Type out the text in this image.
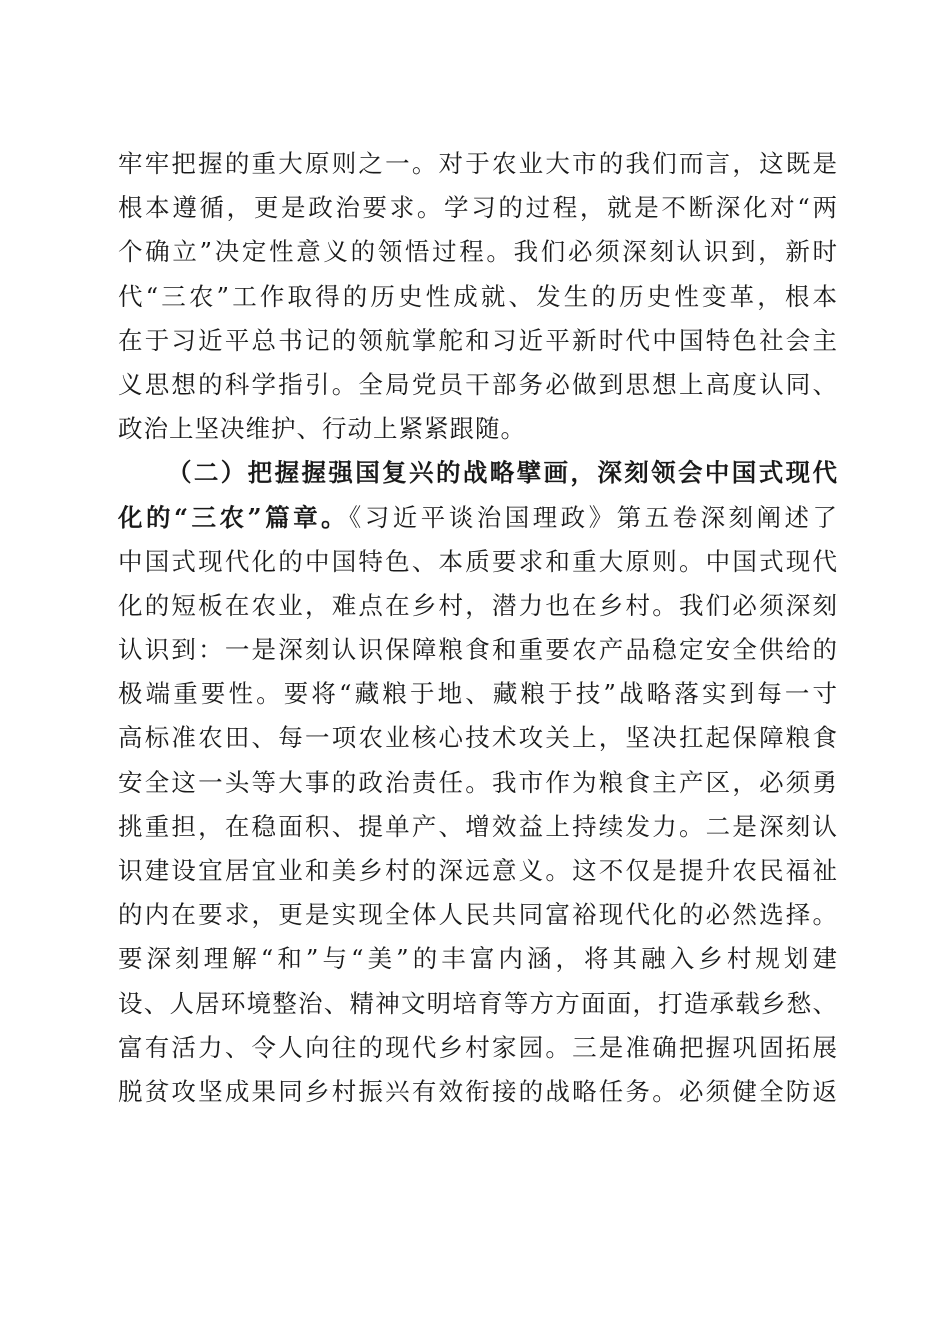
牢牢把握的重大原则之一。对于农业大市的我们而言，这既是
根本遵循，更是政治要求。学习的过程，就是不断深化对“两
个确立”决定性意义的领悟过程。我们必须深刻认识到，新时
代“三农”工作取得的历史性成就、发生的历史性变革，根本
在于习近平总书记的领航掌舵和习近平新时代中国特色社会主
义思想的科学指引。全局党员干部务必做到思想上高度认同、
政治上坚决维护、行动上紧紧跟随。
（二）把握握强国复兴的战略擘画，深刻领会中国式现代
化的“三农”篇章。《习近平谈治国理政》第五卷深刻阐述了
中国式现代化的中国特色、本质要求和重大原则。中国式现代
化的短板在农业，难点在乡村，潜力也在乡村。我们必须深刻
认识到：一是深刻认识保障粮食和重要农产品稳定安全供给的
极端重要性。要将“藏粮于地、藏粮于技”战略落实到每一寸
高标准农田、每一项农业核心技术攻关上，坚决扛起保障粮食
安全这一头等大事的政治责任。我市作为粮食主产区，必须勇
挑重担，在稳面积、提单产、增效益上持续发力。二是深刻认
识建设宜居宜业和美乡村的深远意义。这不仅是提升农民福祉
的内在要求，更是实现全体人民共同富裕现代化的必然选择。
要深刻理解“和”与“美”的丰富内涵，将其融入乡村规划建
设、人居环境整治、精神文明培育等方方面面，打造承载乡愁、
富有活力、令人向往的现代乡村家园。三是准确把握巩固拓展
脱贫攻坚成果同乡村振兴有效衔接的战略任务。必须健全防返
